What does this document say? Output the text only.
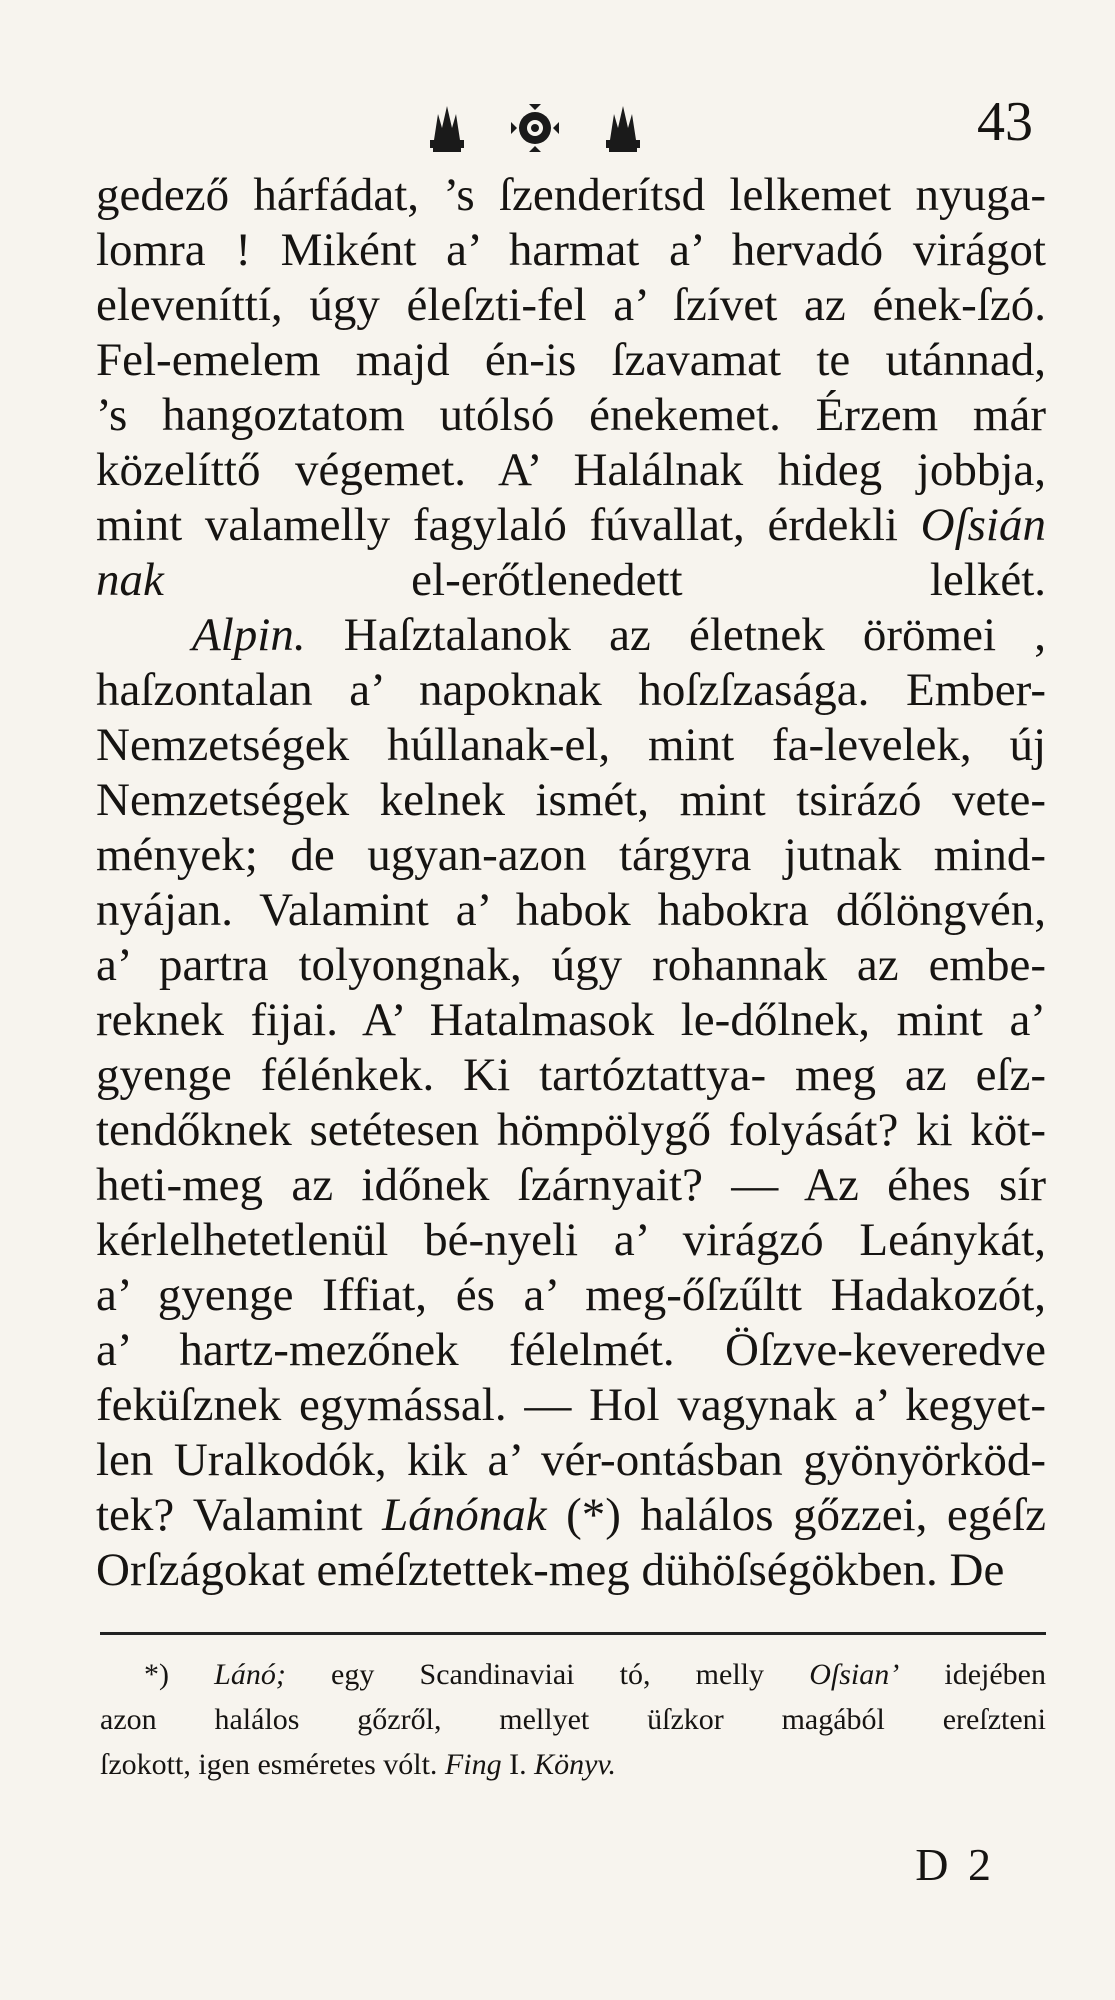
43
gedező hárfádat, ’s ſzenderítsd lelkemet nyuga-
lomra ! Miként a’ harmat a’ hervadó virágot
eleveníttí, úgy éleſzti-fel a’ ſzívet az ének-ſzó.
Fel-emelem majd én-is ſzavamat te utánnad,
’s hangoztatom utólsó énekemet. Érzem már
közelíttő végemet. A’ Halálnak hideg jobbja,
mint valamelly fagylaló fúvallat, érdekli Oſsián
nak el-erőtlenedett lelkét.
Alpin. Haſztalanok az életnek örömei ,
haſzontalan a’ napoknak hoſzſzasága. Ember-
Nemzetségek húllanak-el, mint fa-levelek, új
Nemzetségek kelnek ismét, mint tsirázó vete-
mények; de ugyan-azon tárgyra jutnak mind-
nyájan. Valamint a’ habok habokra dőlöngvén,
a’ partra tolyongnak, úgy rohannak az embe-
reknek fijai. A’ Hatalmasok le-dőlnek, mint a’
gyenge félénkek. Ki tartóztattya- meg az eſz-
tendőknek setétesen hömpölygő folyását? ki köt-
heti-meg az időnek ſzárnyait? — Az éhes sír
kérlelhetetlenül bé-nyeli a’ virágzó Leánykát,
a’ gyenge Iffiat, és a’ meg-őſzűltt Hadakozót,
a’ hartz-mezőnek félelmét. Öſzve-keveredve
feküſznek egymással. — Hol vagynak a’ kegyet-
len Uralkodók, kik a’ vér-ontásban gyönyörköd-
tek? Valamint Lánónak (*) halálos gőzzei, egéſz
Orſzágokat eméſztettek-meg dühöſségökben. De
*) Lánó; egy Scandinaviai tó, melly Oſsian’ idejében
azon halálos gőzről, mellyet üſzkor magából ereſzteni
ſzokott, igen esméretes vólt. Fing I. Könyv.
D 2
